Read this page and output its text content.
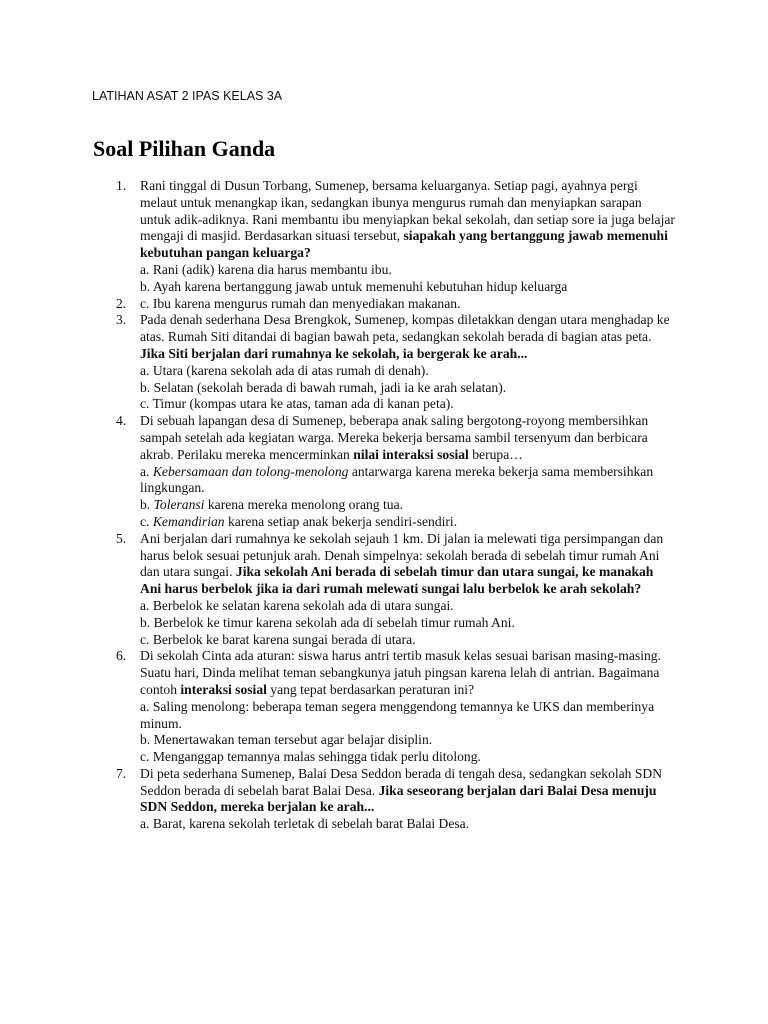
LATIHAN ASAT 2 IPAS KELAS 3A
Soal Pilihan Ganda
1.	Rani tinggal di Dusun Torbang, Sumenep, bersama keluarganya. Setiap pagi, ayahnya pergi melaut untuk menangkap ikan, sedangkan ibunya mengurus rumah dan menyiapkan sarapan untuk adik-adiknya. Rani membantu ibu menyiapkan bekal sekolah, dan setiap sore ia juga belajar mengaji di masjid. Berdasarkan situasi tersebut, siapakah yang bertanggung jawab memenuhi kebutuhan pangan keluarga?
a. Rani (adik) karena dia harus membantu ibu.
b. Ayah karena bertanggung jawab untuk memenuhi kebutuhan hidup keluarga
2.	c. Ibu karena mengurus rumah dan menyediakan makanan.
3.	Pada denah sederhana Desa Brengkok, Sumenep, kompas diletakkan dengan utara menghadap ke atas. Rumah Siti ditandai di bagian bawah peta, sedangkan sekolah berada di bagian atas peta. Jika Siti berjalan dari rumahnya ke sekolah, ia bergerak ke arah...
a. Utara (karena sekolah ada di atas rumah di denah).
b. Selatan (sekolah berada di bawah rumah, jadi ia ke arah selatan).
c. Timur (kompas utara ke atas, taman ada di kanan peta).
4.	Di sebuah lapangan desa di Sumenep, beberapa anak saling bergotong-royong membersihkan sampah setelah ada kegiatan warga. Mereka bekerja bersama sambil tersenyum dan berbicara akrab. Perilaku mereka mencerminkan nilai interaksi sosial berupa…
a. Kebersamaan dan tolong-menolong antarwarga karena mereka bekerja sama membersihkan lingkungan.
b. Toleransi karena mereka menolong orang tua.
c. Kemandirian karena setiap anak bekerja sendiri-sendiri.
5.	Ani berjalan dari rumahnya ke sekolah sejauh 1 km. Di jalan ia melewati tiga persimpangan dan harus belok sesuai petunjuk arah. Denah simpelnya: sekolah berada di sebelah timur rumah Ani dan utara sungai. Jika sekolah Ani berada di sebelah timur dan utara sungai, ke manakah Ani harus berbelok jika ia dari rumah melewati sungai lalu berbelok ke arah sekolah?
a. Berbelok ke selatan karena sekolah ada di utara sungai.
b. Berbelok ke timur karena sekolah ada di sebelah timur rumah Ani.
c. Berbelok ke barat karena sungai berada di utara.
6.	Di sekolah Cinta ada aturan: siswa harus antri tertib masuk kelas sesuai barisan masing-masing. Suatu hari, Dinda melihat teman sebangkunya jatuh pingsan karena lelah di antrian. Bagaimana contoh interaksi sosial yang tepat berdasarkan peraturan ini?
a. Saling menolong: beberapa teman segera menggendong temannya ke UKS dan memberinya minum.
b. Menertawakan teman tersebut agar belajar disiplin.
c. Menganggap temannya malas sehingga tidak perlu ditolong.
7.	Di peta sederhana Sumenep, Balai Desa Seddon berada di tengah desa, sedangkan sekolah SDN Seddon berada di sebelah barat Balai Desa. Jika seseorang berjalan dari Balai Desa menuju SDN Seddon, mereka berjalan ke arah...
a. Barat, karena sekolah terletak di sebelah barat Balai Desa.
